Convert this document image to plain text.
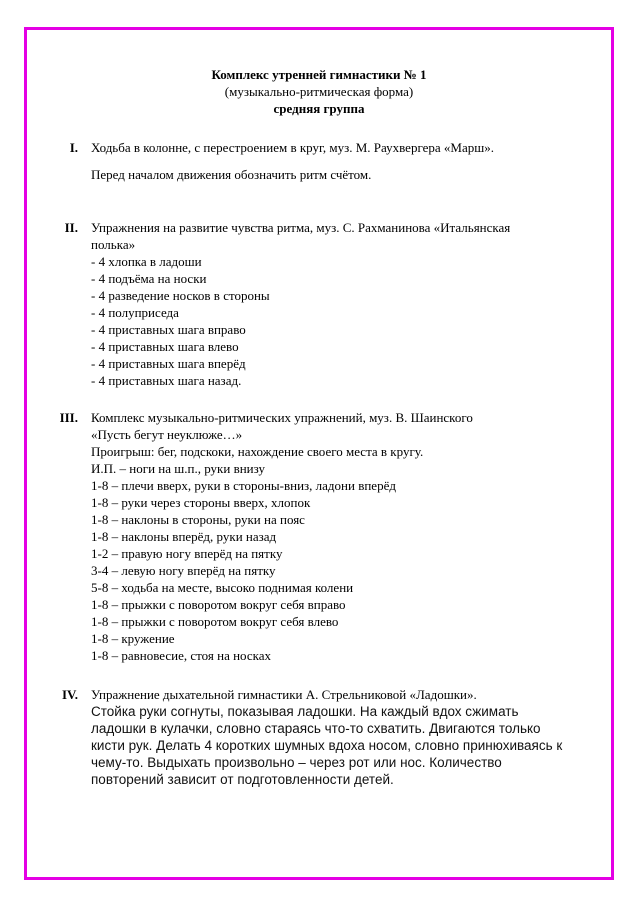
Комплекс утренней гимнастики № 1
(музыкально-ритмическая форма)
средняя группа
I. Ходьба в колонне, с перестроением в круг, муз. М. Раухвергера «Марш».
Перед началом движения обозначить ритм счётом.
II. Упражнения на развитие чувства ритма, муз. С. Рахманинова «Итальянская
полька»
- 4 хлопка в ладоши
- 4 подъёма на носки
- 4 разведение носков в стороны
- 4 полуприседа
- 4 приставных шага вправо
- 4 приставных шага влево
- 4 приставных шага вперёд
- 4 приставных шага назад.
III. Комплекс музыкально-ритмических упражнений, муз. В. Шаинского
«Пусть бегут неуклюже…»
Проигрыш: бег, подскоки, нахождение своего места в кругу.
И.П. – ноги на ш.п., руки внизу
1-8 – плечи вверх, руки в стороны-вниз, ладони вперёд
1-8 – руки через стороны вверх, хлопок
1-8 – наклоны в стороны, руки на пояс
1-8 – наклоны вперёд, руки назад
1-2 – правую ногу вперёд на пятку
3-4 – левую ногу вперёд на пятку
5-8 – ходьба на месте, высоко поднимая колени
1-8 – прыжки с поворотом вокруг себя вправо
1-8 – прыжки с поворотом вокруг себя влево
1-8 – кружение
1-8 – равновесие, стоя на носках
IV. Упражнение дыхательной гимнастики А. Стрельниковой «Ладошки».
Стойка руки согнуты, показывая ладошки. На каждый вдох сжимать
ладошки в кулачки, словно стараясь что-то схватить. Двигаются только
кисти рук. Делать 4 коротких шумных вдоха носом, словно принюхиваясь к
чему-то. Выдыхать произвольно – через рот или нос. Количество
повторений зависит от подготовленности детей.
